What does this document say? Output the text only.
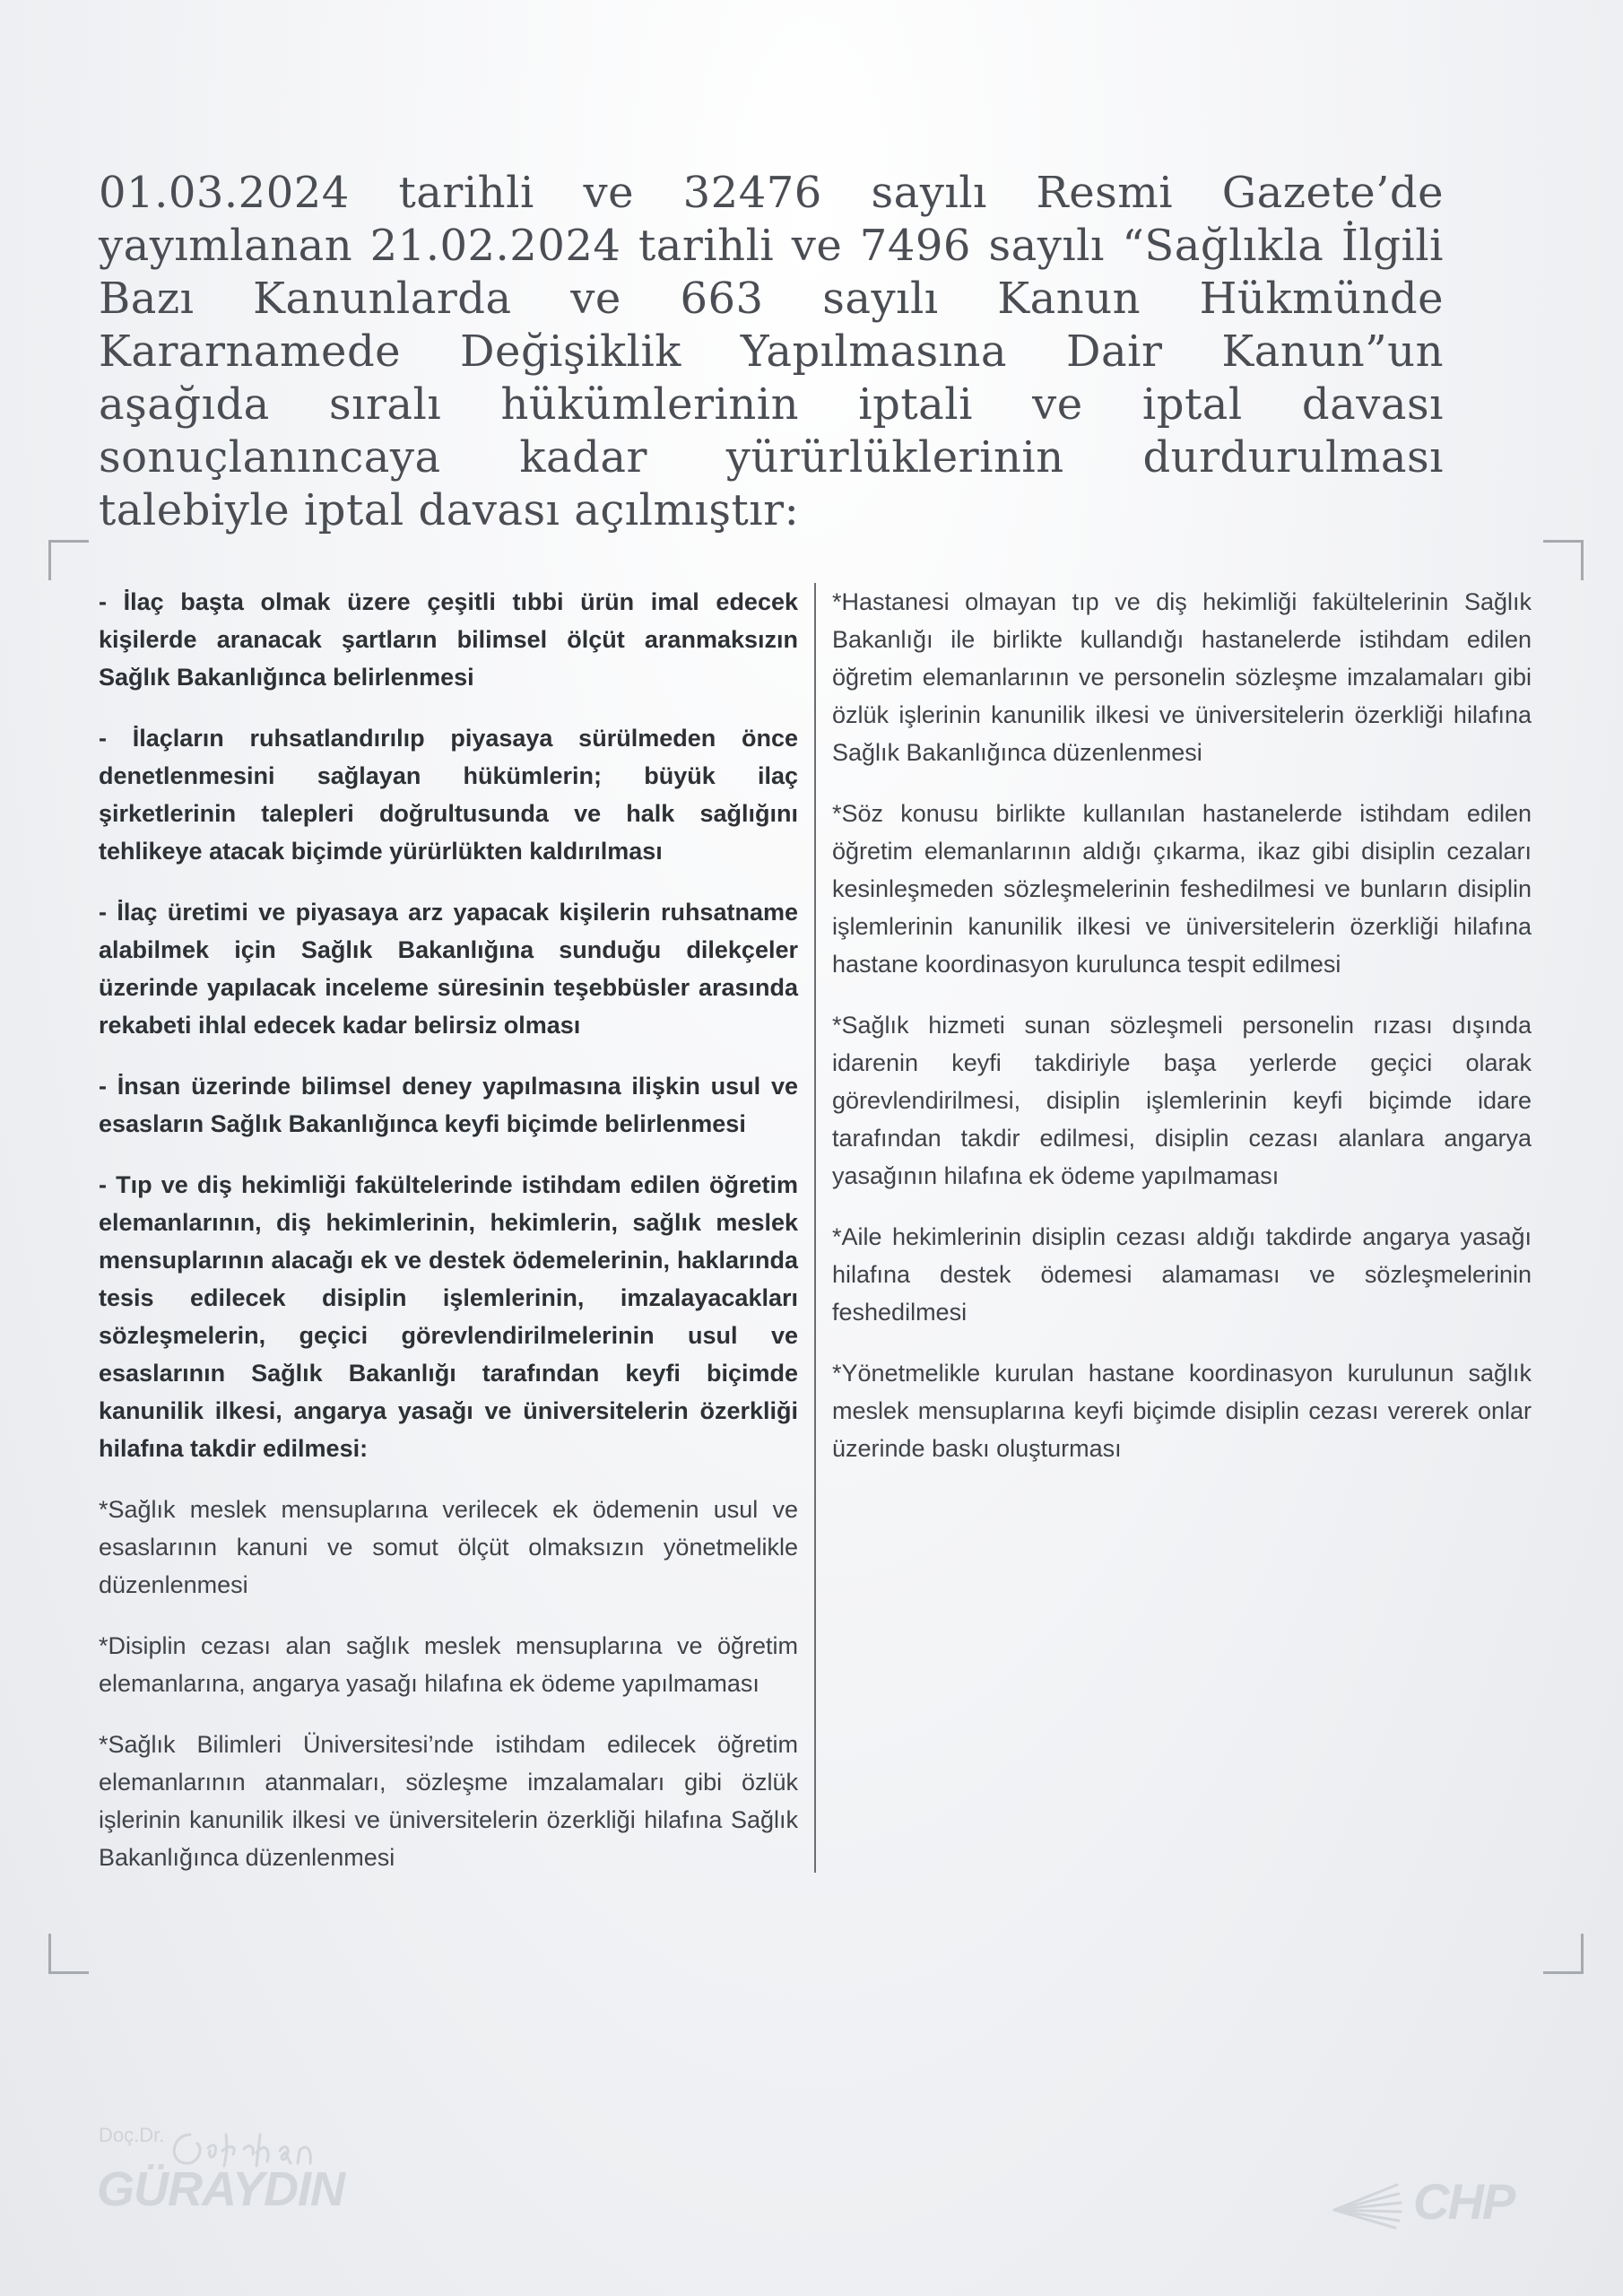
01.03.2024 tarihli ve 32476 sayılı Resmi Gazete’de yayımlanan 21.02.2024 tarihli ve 7496 sayılı “Sağlıkla İlgili Bazı Kanunlarda ve 663 sayılı Kanun Hükmünde Kararnamede Değişiklik Yapılmasına Dair Kanun”un aşağıda sıralı hükümlerinin iptali ve iptal davası sonuçlanıncaya kadar yürürlüklerinin durdurulması talebiyle iptal davası açılmıştır:

- İlaç başta olmak üzere çeşitli tıbbi ürün imal edecek kişilerde aranacak şartların bilimsel ölçüt aranmaksızın Sağlık Bakanlığınca belirlenmesi

- İlaçların ruhsatlandırılıp piyasaya sürülmeden önce denetlenmesini sağlayan hükümlerin; büyük ilaç şirketlerinin talepleri doğrultusunda ve halk sağlığını tehlikeye atacak biçimde yürürlükten kaldırılması

- İlaç üretimi ve piyasaya arz yapacak kişilerin ruhsatname alabilmek için Sağlık Bakanlığına sunduğu dilekçeler üzerinde yapılacak inceleme süresinin teşebbüsler arasında rekabeti ihlal edecek kadar belirsiz olması

- İnsan üzerinde bilimsel deney yapılmasına ilişkin usul ve esasların Sağlık Bakanlığınca keyfi biçimde belirlenmesi

- Tıp ve diş hekimliği fakültelerinde istihdam edilen öğretim elemanlarının, diş hekimlerinin, hekimlerin, sağlık meslek mensuplarının alacağı ek ve destek ödemelerinin, haklarında tesis edilecek disiplin işlemlerinin, imzalayacakları sözleşmelerin, geçici görevlendirilmelerinin usul ve esaslarının Sağlık Bakanlığı tarafından keyfi biçimde kanunilik ilkesi, angarya yasağı ve üniversitelerin özerkliği hilafına takdir edilmesi:

*Sağlık meslek mensuplarına verilecek ek ödemenin usul ve esaslarının kanuni ve somut ölçüt olmaksızın yönetmelikle düzenlenmesi

*Disiplin cezası alan sağlık meslek mensuplarına ve öğretim elemanlarına, angarya yasağı hilafına ek ödeme yapılmaması

*Sağlık Bilimleri Üniversitesi’nde istihdam edilecek öğretim elemanlarının atanmaları, sözleşme imzalamaları gibi özlük işlerinin kanunilik ilkesi ve üniversitelerin özerkliği hilafına Sağlık Bakanlığınca düzenlenmesi

*Hastanesi olmayan tıp ve diş hekimliği fakültelerinin Sağlık Bakanlığı ile birlikte kullandığı hastanelerde istihdam edilen öğretim elemanlarının ve personelin sözleşme imzalamaları gibi özlük işlerinin kanunilik ilkesi ve üniversitelerin özerkliği hilafına Sağlık Bakanlığınca düzenlenmesi

*Söz konusu birlikte kullanılan hastanelerde istihdam edilen öğretim elemanlarının aldığı çıkarma, ikaz gibi disiplin cezaları kesinleşmeden sözleşmelerinin feshedilmesi ve bunların disiplin işlemlerinin kanunilik ilkesi ve üniversitelerin özerkliği hilafına hastane koordinasyon kurulunca tespit edilmesi

*Sağlık hizmeti sunan sözleşmeli personelin rızası dışında idarenin keyfi takdiriyle başa yerlerde geçici olarak görevlendirilmesi, disiplin işlemlerinin keyfi biçimde idare tarafından takdir edilmesi, disiplin cezası alanlara angarya yasağının hilafına ek ödeme yapılmaması

*Aile hekimlerinin disiplin cezası aldığı takdirde angarya yasağı hilafına destek ödemesi alamaması ve sözleşmelerinin feshedilmesi

*Yönetmelikle kurulan hastane koordinasyon kurulunun sağlık meslek mensuplarına keyfi biçimde disiplin cezası vererek onlar üzerinde baskı oluşturması

Doç.Dr.
GÜRAYDIN	CHP
